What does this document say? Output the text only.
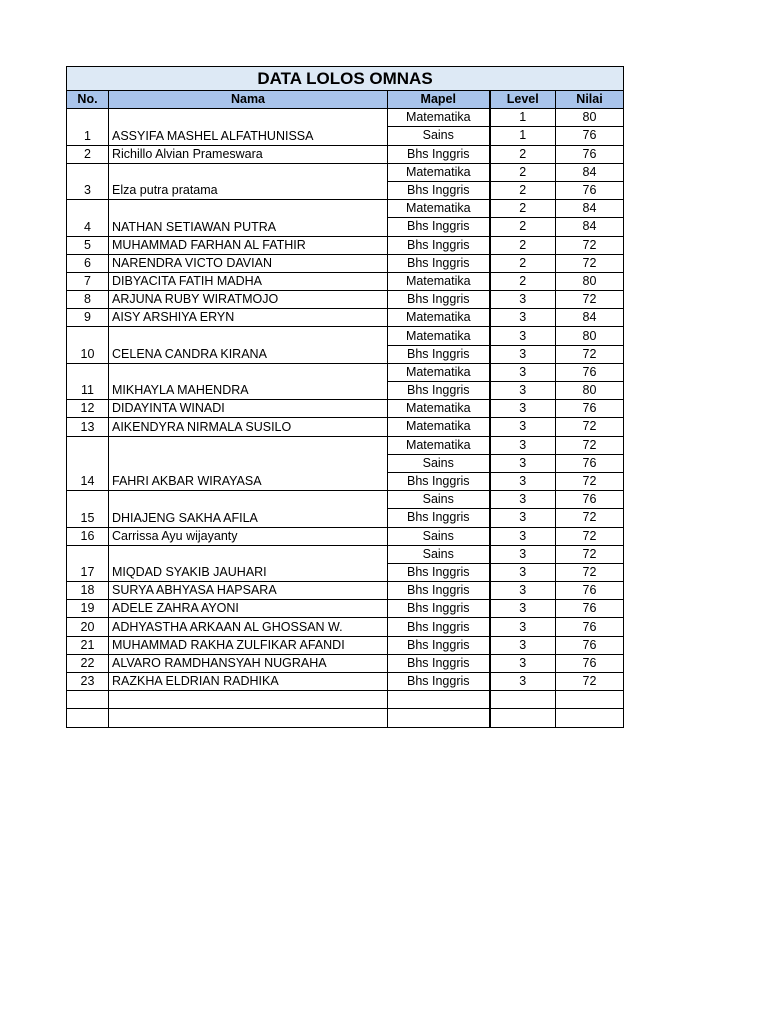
DATA LOLOS OMNAS				
No.	Nama	Mapel	Level	Nilai
1	ASSYIFA MASHEL ALFATHUNISSA	Matematika	1	80
		Sains	1	76
2	Richillo Alvian Prameswara	Bhs Inggris	2	76
3	Elza putra pratama	Matematika	2	84
		Bhs Inggris	2	76
4	NATHAN SETIAWAN PUTRA	Matematika	2	84
		Bhs Inggris	2	84
5	MUHAMMAD FARHAN AL FATHIR	Bhs Inggris	2	72
6	NARENDRA VICTO DAVIAN	Bhs Inggris	2	72
7	DIBYACITA FATIH MADHA	Matematika	2	80
8	ARJUNA RUBY WIRATMOJO	Bhs Inggris	3	72
9	AISY ARSHIYA ERYN	Matematika	3	84
10	CELENA CANDRA KIRANA	Matematika	3	80
		Bhs Inggris	3	72
11	MIKHAYLA MAHENDRA	Matematika	3	76
		Bhs Inggris	3	80
12	DIDAYINTA WINADI	Matematika	3	76
13	AIKENDYRA NIRMALA SUSILO	Matematika	3	72
14	FAHRI AKBAR WIRAYASA	Matematika	3	72
		Sains	3	76
		Bhs Inggris	3	72
15	DHIAJENG SAKHA AFILA	Sains	3	76
		Bhs Inggris	3	72
16	Carrissa Ayu wijayanty	Sains	3	72
17	MIQDAD SYAKIB JAUHARI	Sains	3	72
		Bhs Inggris	3	72
18	SURYA ABHYASA HAPSARA	Bhs Inggris	3	76
19	ADELE ZAHRA AYONI	Bhs Inggris	3	76
20	ADHYASTHA ARKAAN AL GHOSSAN W.	Bhs Inggris	3	76
21	MUHAMMAD RAKHA ZULFIKAR AFANDI	Bhs Inggris	3	76
22	ALVARO RAMDHANSYAH NUGRAHA	Bhs Inggris	3	76
23	RAZKHA ELDRIAN RADHIKA	Bhs Inggris	3	72
